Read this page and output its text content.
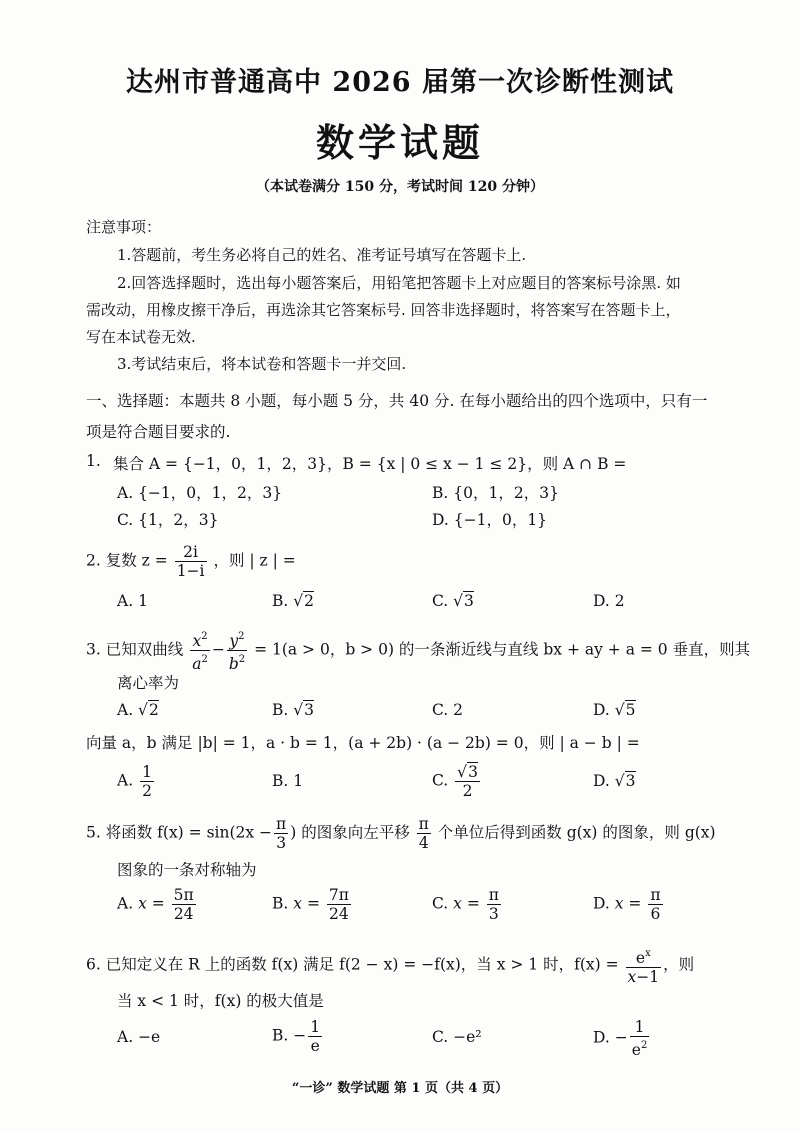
达州市普通高中 2026 届第一次诊断性测试
数学试题
（本试卷满分 150 分，考试时间 120 分钟）
注意事项：
1.答题前，考生务必将自己的姓名、准考证号填写在答题卡上.
2.回答选择题时，选出每小题答案后，用铅笔把答题卡上对应题目的答案标号涂黑. 如
需改动，用橡皮擦干净后，再选涂其它答案标号. 回答非选择题时，将答案写在答题卡上，
写在本试卷无效.
3.考试结束后，将本试卷和答题卡一并交回.
一、选择题：本题共 8 小题，每小题 5 分，共 40 分. 在每小题给出的四个选项中，只有一
项是符合题目要求的.
1. 集合 A = {−1，0，1，2，3}，B = {x | 0 ≤ x − 1 ≤ 2}，则 A ∩ B =
A. {−1，0，1，2，3}	B. {0，1，2，3}
C. {1，2，3}	D. {−1，0，1}
2. 复数 $z = \frac{2i}{1-i}$ ，则 | z | =
A. 1	B. √2	C. √3	D. 2
3. 已知双曲线 $\frac{x^2}{a^2} - \frac{y^2}{b^2} = 1(a > 0$，b > 0) 的一条渐近线与直线 bx + ay + a = 0 垂直，则其
离心率为
A. √2	B. √3	C. 2	D. √5
向量 a，b 满足 |b| = 1，a · b = 1，(a + 2b) · (a − 2b) = 0，则 | a − b | =
A. $\frac{1}{2}$	B. 1	C. $\frac{√3}{2}$	D. √3
5. 将函数 $f(x) = \sin(2x - \frac{\pi}{3}$ ) 的图象向左平移 $\frac{\pi}{4}$ 个单位后得到函数 g(x) 的图象，则 g(x)
图象的一条对称轴为
A. $x = \frac{5\pi}{24}$	B. $x = \frac{7\pi}{24}$	C. $x = \frac{\pi}{3}$	D. $x = \frac{\pi}{6}$
6. 已知定义在 R 上的函数 f(x) 满足 f(2 − x) = −f(x)，当 x > 1 时，$f(x) = \frac{e^x}{x-1}$ ，则
当 x < 1 时，f(x) 的极大值是
A. −e	B. − $\frac{1}{e}$	C. −e²	D. − $\frac{1}{e^2}$
“一诊” 数学试题 第 1 页（共 4 页）
